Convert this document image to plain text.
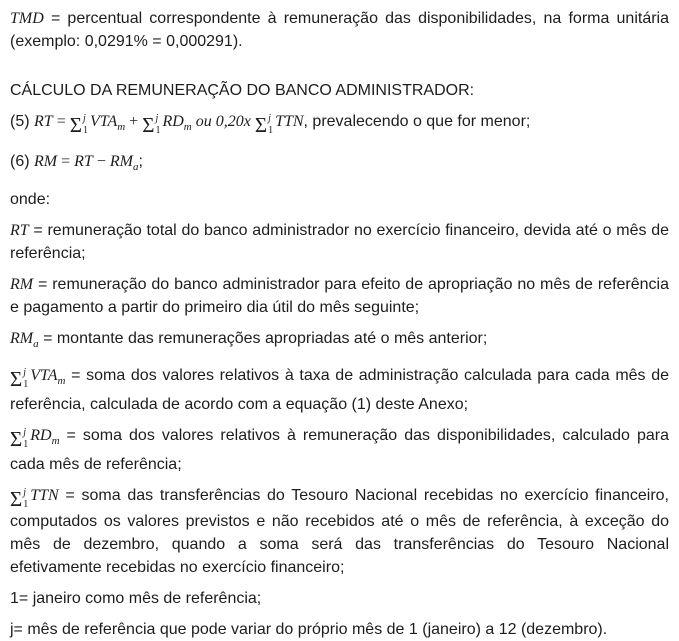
TMD = percentual correspondente à remuneração das disponibilidades, na forma unitária (exemplo: 0,0291% = 0,000291).

CÁLCULO DA REMUNERAÇÃO DO BANCO ADMINISTRADOR:

(5) RT = Σ j
1
$VTA_m + \Sigma$ j
1
$RD_m$ ou 0,20x Σ j
1
TTN, prevalecendo o que for menor;

(6) RM = RT − $RM_a$;

onde:

RT = remuneração total do banco administrador no exercício financeiro, devida até o mês de referência;

RM = remuneração do banco administrador para efeito de apropriação no mês de referência e pagamento a partir do primeiro dia útil do mês seguinte;

$RM_a$ = montante das remunerações apropriadas até o mês anterior;

Σ j
1
$VTA_m$ = soma dos valores relativos à taxa de administração calculada para cada mês de referência, calculada de acordo com a equação (1) deste Anexo;

Σ j
1
$RD_m$ = soma dos valores relativos à remuneração das disponibilidades, calculado para cada mês de referência;

Σ j
1
TTN = soma das transferências do Tesouro Nacional recebidas no exercício financeiro, computados os valores previstos e não recebidos até o mês de referência, à exceção do mês de dezembro, quando a soma será das transferências do Tesouro Nacional efetivamente recebidas no exercício financeiro;

1= janeiro como mês de referência;

j= mês de referência que pode variar do próprio mês de 1 (janeiro) a 12 (dezembro).
